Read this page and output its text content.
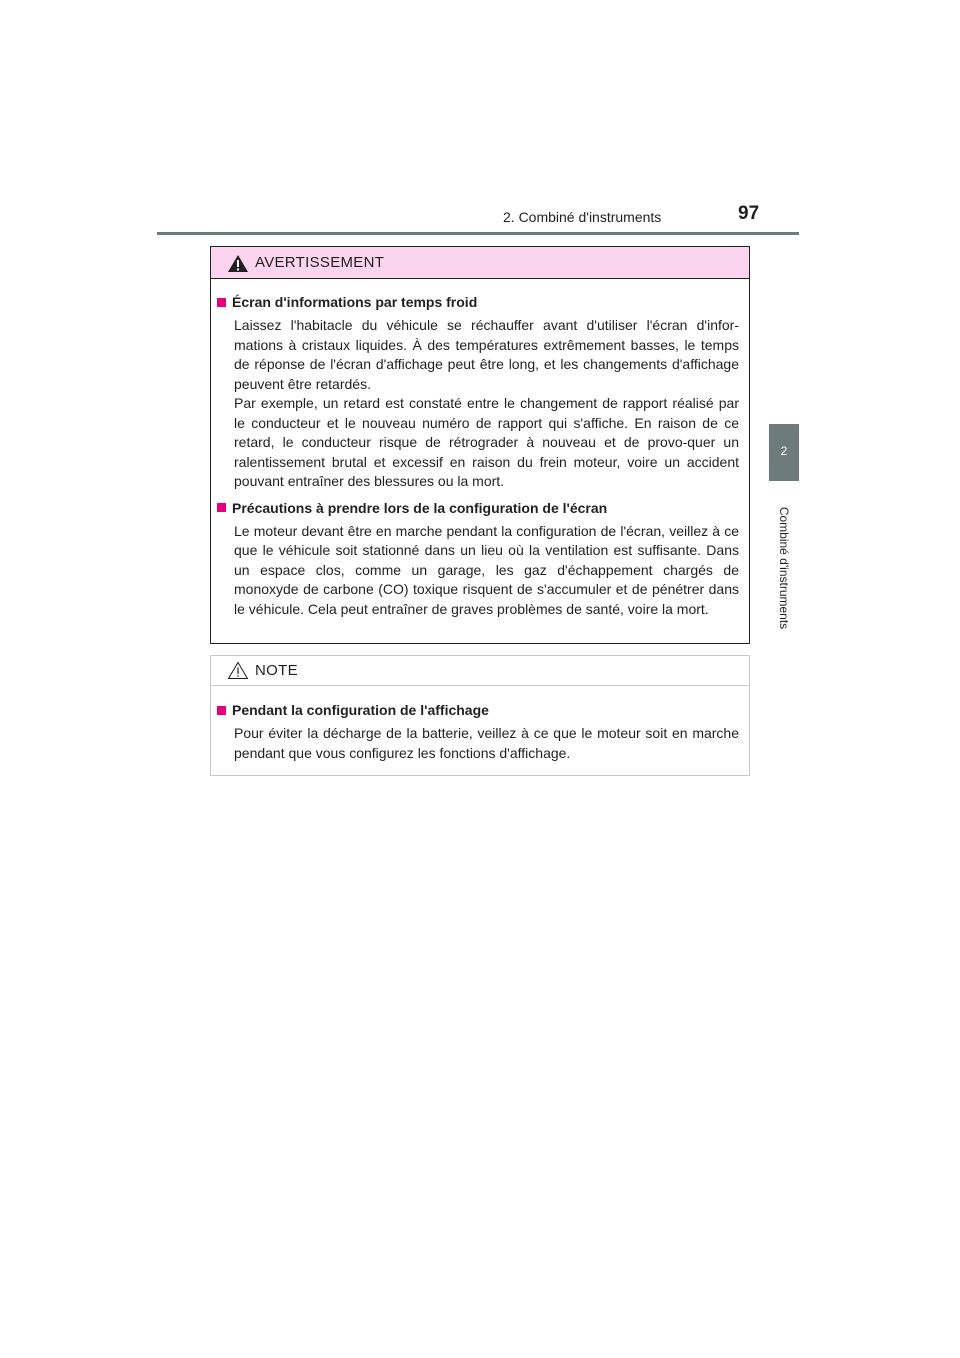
2. Combiné d'instruments	97
2
Combiné d'instruments
AVERTISSEMENT
Écran d'informations par temps froid
Laissez l'habitacle du véhicule se réchauffer avant d'utiliser l'écran d'infor-mations à cristaux liquides. À des températures extrêmement basses, le temps de réponse de l'écran d'affichage peut être long, et les changements d'affichage peuvent être retardés.
Par exemple, un retard est constaté entre le changement de rapport réalisé par le conducteur et le nouveau numéro de rapport qui s'affiche. En raison de ce retard, le conducteur risque de rétrograder à nouveau et de provo-quer un ralentissement brutal et excessif en raison du frein moteur, voire un accident pouvant entraîner des blessures ou la mort.
Précautions à prendre lors de la configuration de l'écran
Le moteur devant être en marche pendant la configuration de l'écran, veillez à ce que le véhicule soit stationné dans un lieu où la ventilation est suffisante. Dans un espace clos, comme un garage, les gaz d'échappement chargés de monoxyde de carbone (CO) toxique risquent de s'accumuler et de pénétrer dans le véhicule. Cela peut entraîner de graves problèmes de santé, voire la mort.
NOTE
Pendant la configuration de l'affichage
Pour éviter la décharge de la batterie, veillez à ce que le moteur soit en marche pendant que vous configurez les fonctions d'affichage.
